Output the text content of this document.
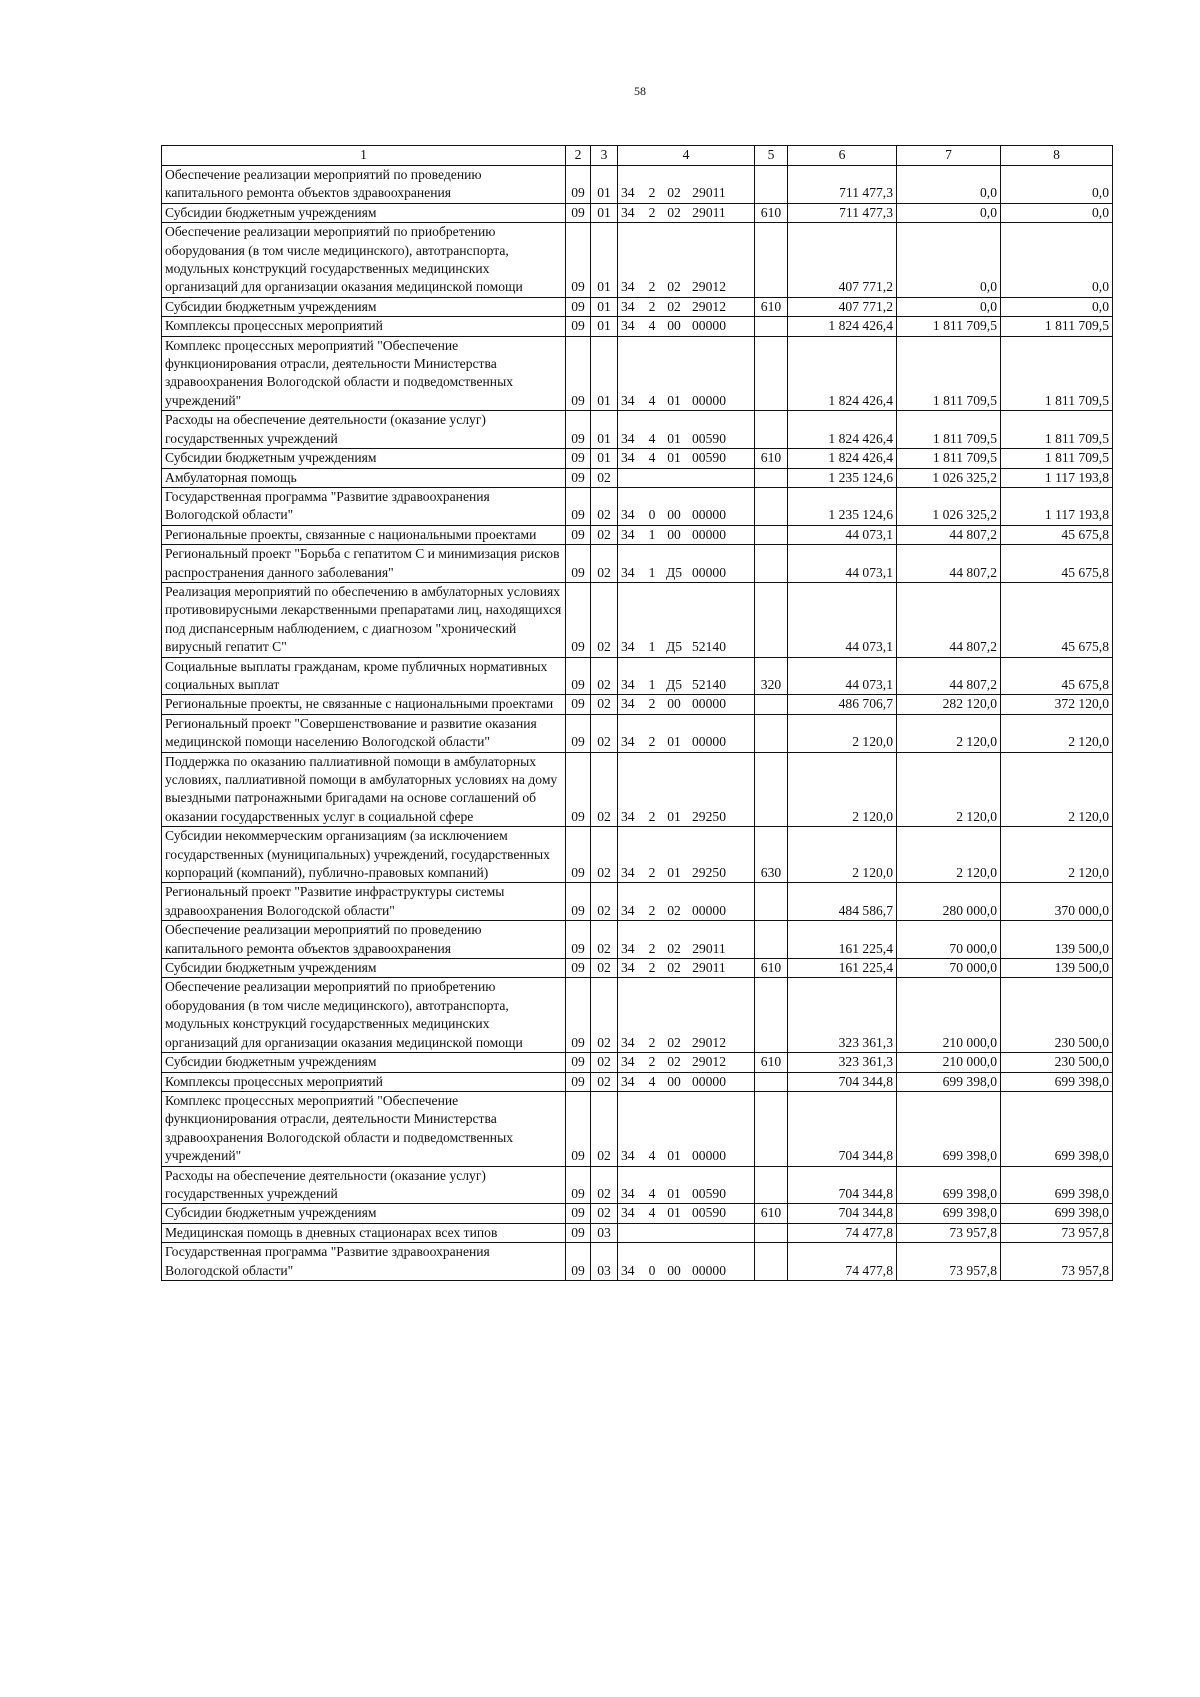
58
1	2	3	4	5	6	7	8
Обеспечение реализации мероприятий по проведению капитального ремонта объектов здравоохранения	09	01	34 2 02 29011		711 477,3	0,0	0,0
Субсидии бюджетным учреждениям	09	01	34 2 02 29011	610	711 477,3	0,0	0,0
Обеспечение реализации мероприятий по приобретению оборудования (в том числе медицинского), автотранспорта, модульных конструкций государственных медицинских организаций для организации оказания медицинской помощи	09	01	34 2 02 29012		407 771,2	0,0	0,0
Субсидии бюджетным учреждениям	09	01	34 2 02 29012	610	407 771,2	0,0	0,0
Комплексы процессных мероприятий	09	01	34 4 00 00000		1 824 426,4	1 811 709,5	1 811 709,5
Комплекс процессных мероприятий "Обеспечение функционирования отрасли, деятельности Министерства здравоохранения Вологодской области и подведомственных учреждений"	09	01	34 4 01 00000		1 824 426,4	1 811 709,5	1 811 709,5
Расходы на обеспечение деятельности (оказание услуг) государственных учреждений	09	01	34 4 01 00590		1 824 426,4	1 811 709,5	1 811 709,5
Субсидии бюджетным учреждениям	09	01	34 4 01 00590	610	1 824 426,4	1 811 709,5	1 811 709,5
Амбулаторная помощь	09	02			1 235 124,6	1 026 325,2	1 117 193,8
Государственная программа "Развитие здравоохранения Вологодской области"	09	02	34 0 00 00000		1 235 124,6	1 026 325,2	1 117 193,8
Региональные проекты, связанные с национальными проектами	09	02	34 1 00 00000		44 073,1	44 807,2	45 675,8
Региональный проект "Борьба с гепатитом С и минимизация рисков распространения данного заболевания"	09	02	34 1 Д5 00000		44 073,1	44 807,2	45 675,8
Реализация мероприятий по обеспечению в амбулаторных условиях противовирусными лекарственными препаратами лиц, находящихся под диспансерным наблюдением, с диагнозом "хронический вирусный гепатит С"	09	02	34 1 Д5 52140		44 073,1	44 807,2	45 675,8
Социальные выплаты гражданам, кроме публичных нормативных социальных выплат	09	02	34 1 Д5 52140	320	44 073,1	44 807,2	45 675,8
Региональные проекты, не связанные с национальными проектами	09	02	34 2 00 00000		486 706,7	282 120,0	372 120,0
Региональный проект "Совершенствование и развитие оказания медицинской помощи населению Вологодской области"	09	02	34 2 01 00000		2 120,0	2 120,0	2 120,0
Поддержка по оказанию паллиативной помощи в амбулаторных условиях, паллиативной помощи в амбулаторных условиях на дому выездными патронажными бригадами на основе соглашений об оказании государственных услуг в социальной сфере	09	02	34 2 01 29250		2 120,0	2 120,0	2 120,0
Субсидии некоммерческим организациям (за исключением государственных (муниципальных) учреждений, государственных корпораций (компаний), публично-правовых компаний)	09	02	34 2 01 29250	630	2 120,0	2 120,0	2 120,0
Региональный проект "Развитие инфраструктуры системы здравоохранения Вологодской области"	09	02	34 2 02 00000		484 586,7	280 000,0	370 000,0
Обеспечение реализации мероприятий по проведению капитального ремонта объектов здравоохранения	09	02	34 2 02 29011		161 225,4	70 000,0	139 500,0
Субсидии бюджетным учреждениям	09	02	34 2 02 29011	610	161 225,4	70 000,0	139 500,0
Обеспечение реализации мероприятий по приобретению оборудования (в том числе медицинского), автотранспорта, модульных конструкций государственных медицинских организаций для организации оказания медицинской помощи	09	02	34 2 02 29012		323 361,3	210 000,0	230 500,0
Субсидии бюджетным учреждениям	09	02	34 2 02 29012	610	323 361,3	210 000,0	230 500,0
Комплексы процессных мероприятий	09	02	34 4 00 00000		704 344,8	699 398,0	699 398,0
Комплекс процессных мероприятий "Обеспечение функционирования отрасли, деятельности Министерства здравоохранения Вологодской области и подведомственных учреждений"	09	02	34 4 01 00000		704 344,8	699 398,0	699 398,0
Расходы на обеспечение деятельности (оказание услуг) государственных учреждений	09	02	34 4 01 00590		704 344,8	699 398,0	699 398,0
Субсидии бюджетным учреждениям	09	02	34 4 01 00590	610	704 344,8	699 398,0	699 398,0
Медицинская помощь в дневных стационарах всех типов	09	03			74 477,8	73 957,8	73 957,8
Государственная программа "Развитие здравоохранения Вологодской области"	09	03	34 0 00 00000		74 477,8	73 957,8	73 957,8
